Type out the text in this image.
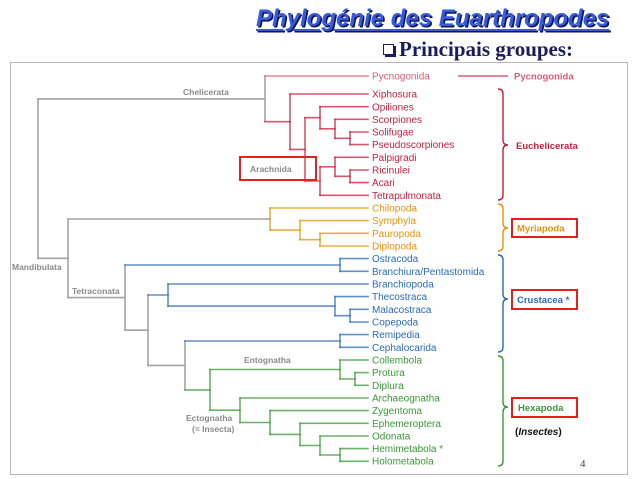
Phylogénie des Euarthropodes
Principais groupes:
Pycnogonida
Xiphosura
Opiliones
Scorpiones
Solifugae
Pseudoscorpiones
Palpigradi
Ricinulei
Acari
Tetrapulmonata
Chilopoda
Symphyla
Pauropoda
Diplopoda
Ostracoda
Branchiura/Pentastomida
Branchiopoda
Thecostraca
Malacostraca
Copepoda
Remipedia
Cephalocarida
Collembola
Protura
Diplura
Archaeognatha
Zygentoma
Ephemeroptera
Odonata
Hemimetabola *
Holometabola
Chelicerata
Arachnida
Mandibulata
Tetraconata
Entognatha
Ectognatha
(= Insecta)
Pycnogonida
Euchelicerata
Myriapoda
Crustacea *
Hexapoda
(Insectes)
4
